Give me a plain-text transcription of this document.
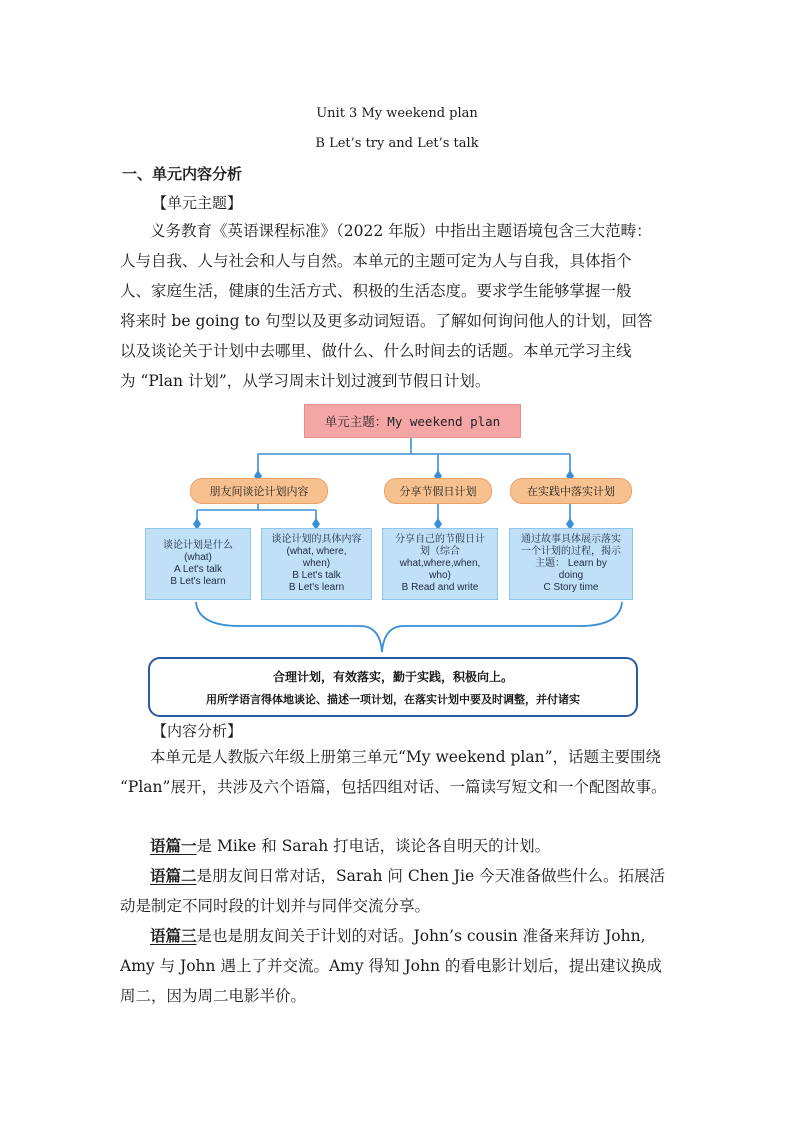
Unit 3 My weekend plan
B Let’s try and Let’s talk
一、单元内容分析
【单元主题】
义务教育《英语课程标准》（2022 年版）中指出主题语境包含三大范畴：
人与自我、人与社会和人与自然。本单元的主题可定为人与自我，具体指个
人、家庭生活，健康的生活方式、积极的生活态度。要求学生能够掌握一般
将来时 be going to 句型以及更多动词短语。了解如何询问他人的计划，回答
以及谈论关于计划中去哪里、做什么、什么时间去的话题。本单元学习主线
为 “Plan 计划”，从学习周末计划过渡到节假日计划。
单元主题：My weekend plan
朋友间谈论计划内容	分享节假日计划	在实践中落实计划
谈论计划是什么
(what)
A Let's talk
B Let's learn
谈论计划的具体内容
(what, where,
when)
B Let's talk
B Let's learn
分享自己的节假日计
划（综合
what,where,when,
who)
B Read and write
通过故事具体展示落实
一个计划的过程，揭示
主题： Learn by
doing
C Story time
合理计划，有效落实，勤于实践，积极向上。
用所学语言得体地谈论、描述一项计划，在落实计划中要及时调整，并付诸实
【内容分析】
本单元是人教版六年级上册第三单元“My weekend plan”，话题主要围绕
“Plan”展开，共涉及六个语篇，包括四组对话、一篇读写短文和一个配图故事。
语篇一是 Mike 和 Sarah 打电话，谈论各自明天的计划。
语篇二是朋友间日常对话，Sarah 问 Chen Jie 今天准备做些什么。拓展活
动是制定不同时段的计划并与同伴交流分享。
语篇三是也是朋友间关于计划的对话。John’s cousin 准备来拜访 John,
Amy 与 John 遇上了并交流。Amy 得知 John 的看电影计划后，提出建议换成
周二，因为周二电影半价。
